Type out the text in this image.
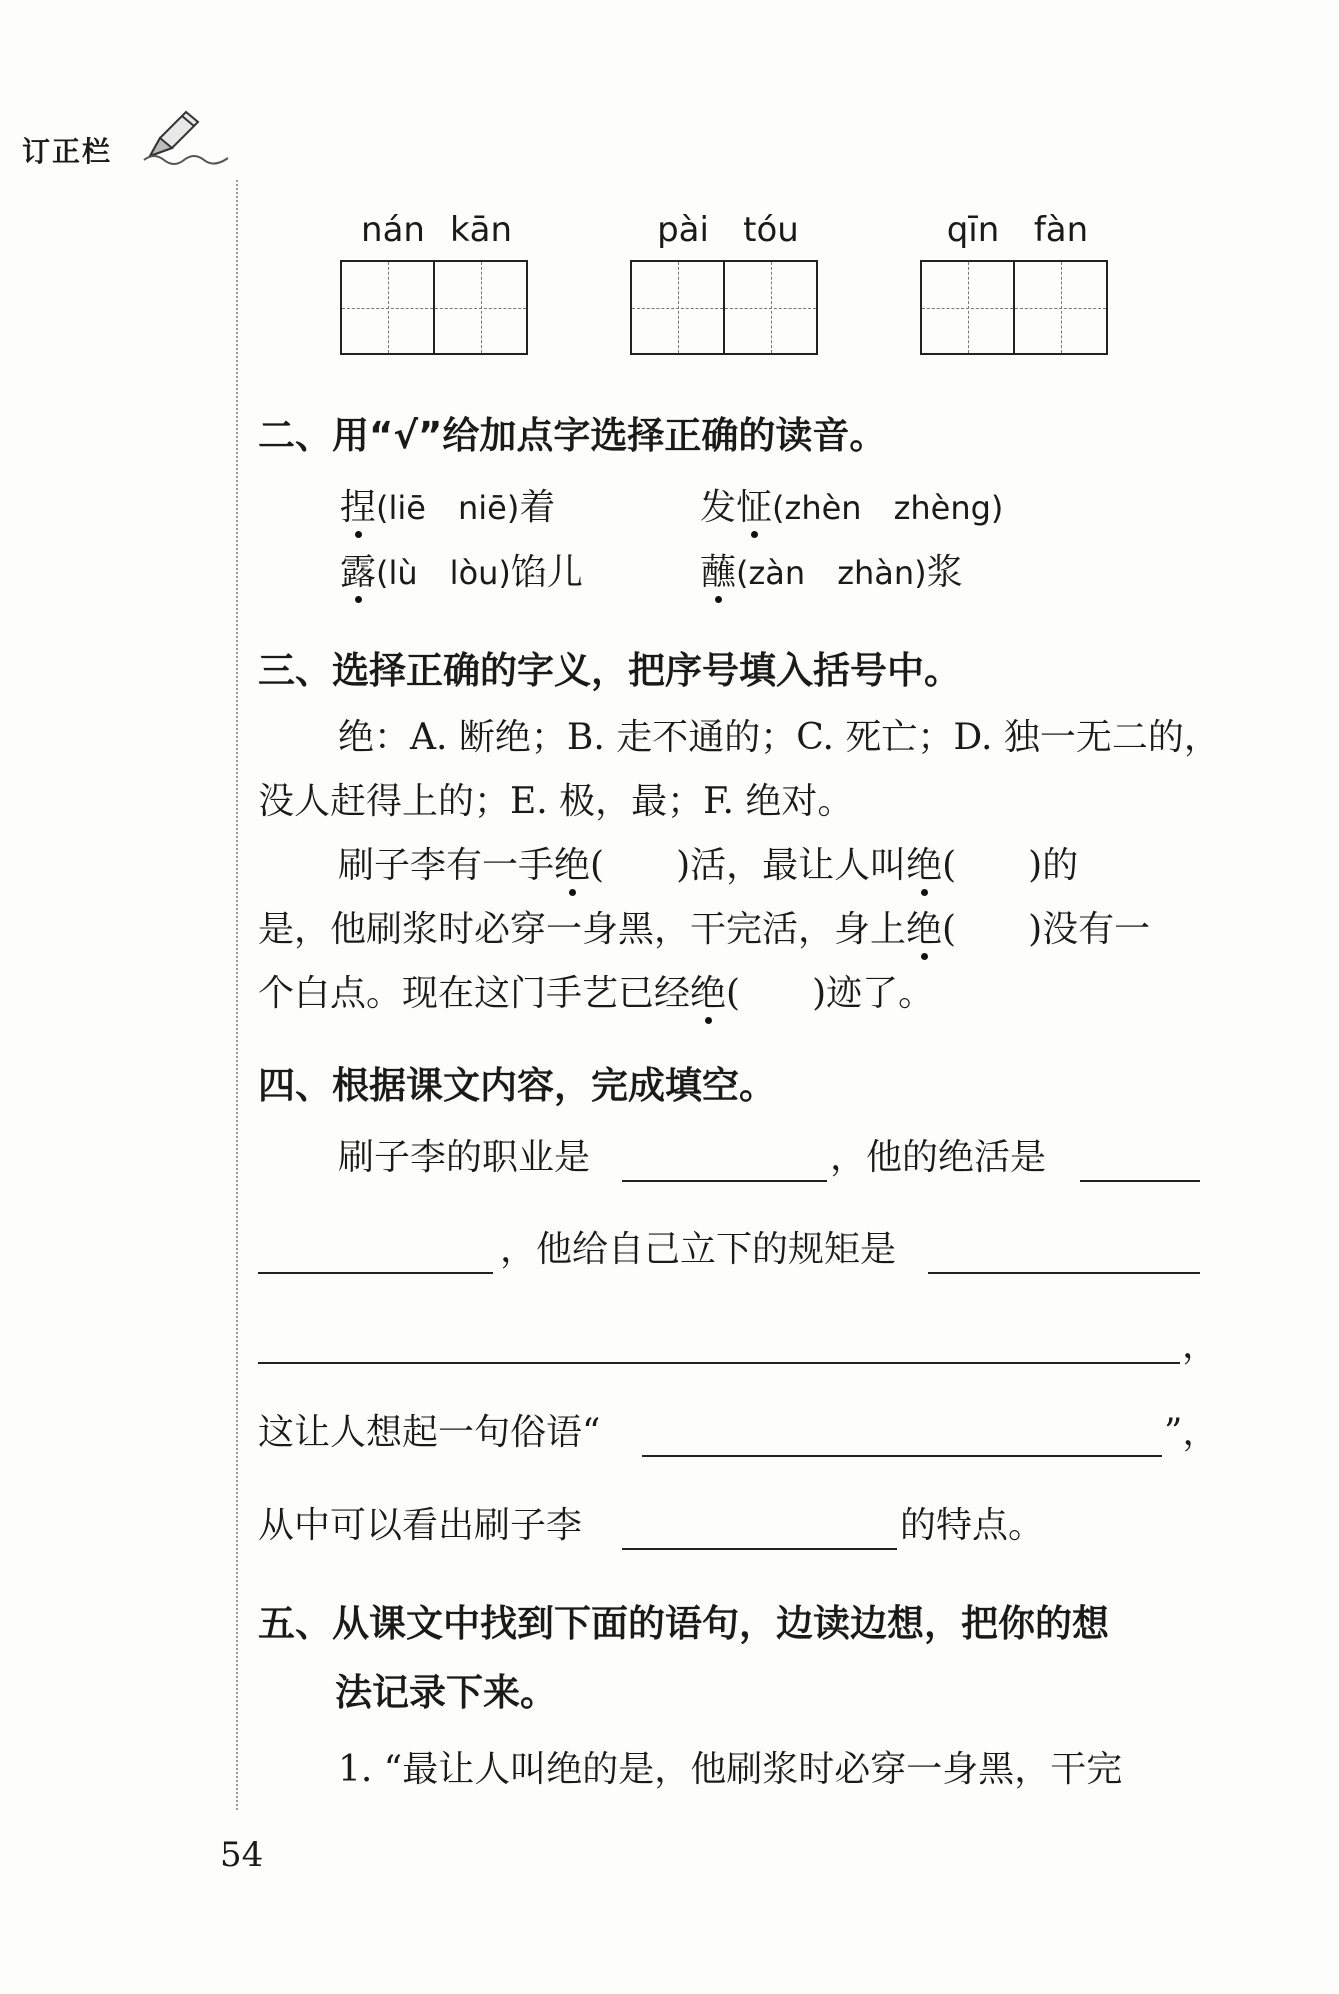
订正栏
nán kān	pài tóu	qīn fàn
二、用“√”给加点字选择正确的读音。
捏(liē　niē)着	发怔(zhèn　zhèng)
露(lù　lòu)馅儿	蘸(zàn　zhàn)浆
三、选择正确的字义，把序号填入括号中。
绝：A. 断绝；B. 走不通的；C. 死亡；D. 独一无二的，
没人赶得上的；E. 极，最；F. 绝对。
刷子李有一手绝(　　)活，最让人叫绝(　　)的
是，他刷浆时必穿一身黑，干完活，身上绝(　　)没有一
个白点。现在这门手艺已经绝(　　)迹了。
四、根据课文内容，完成填空。
刷子李的职业是	，他的绝活是
，他给自己立下的规矩是
，
这让人想起一句俗语“	”，
从中可以看出刷子李	的特点。
五、从课文中找到下面的语句，边读边想，把你的想
法记录下来。
1. “最让人叫绝的是，他刷浆时必穿一身黑，干完
54
